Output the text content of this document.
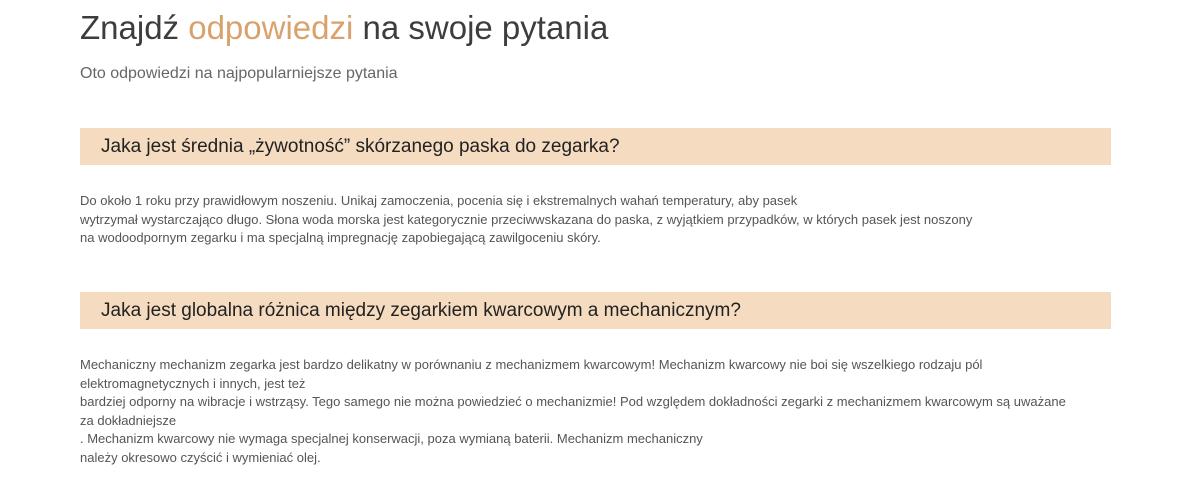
Znajdź odpowiedzi na swoje pytania

Oto odpowiedzi na najpopularniejsze pytania

Jaka jest średnia „żywotność” skórzanego paska do zegarka?
Do około 1 roku przy prawidłowym noszeniu. Unikaj zamoczenia, pocenia się i ekstremalnych wahań temperatury, aby pasek
wytrzymał wystarczająco długo. Słona woda morska jest kategorycznie przeciwwskazana do paska, z wyjątkiem przypadków, w których pasek jest noszony
na wodoodpornym zegarku i ma specjalną impregnację zapobiegającą zawilgoceniu skóry.
Jaka jest globalna różnica między zegarkiem kwarcowym a mechanicznym?
Mechaniczny mechanizm zegarka jest bardzo delikatny w porównaniu z mechanizmem kwarcowym! Mechanizm kwarcowy nie boi się wszelkiego rodzaju pól
elektromagnetycznych i innych, jest też
bardziej odporny na wibracje i wstrząsy. Tego samego nie można powiedzieć o mechanizmie! Pod względem dokładności zegarki z mechanizmem kwarcowym są uważane
za dokładniejsze
. Mechanizm kwarcowy nie wymaga specjalnej konserwacji, poza wymianą baterii. Mechanizm mechaniczny
należy okresowo czyścić i wymieniać olej.
